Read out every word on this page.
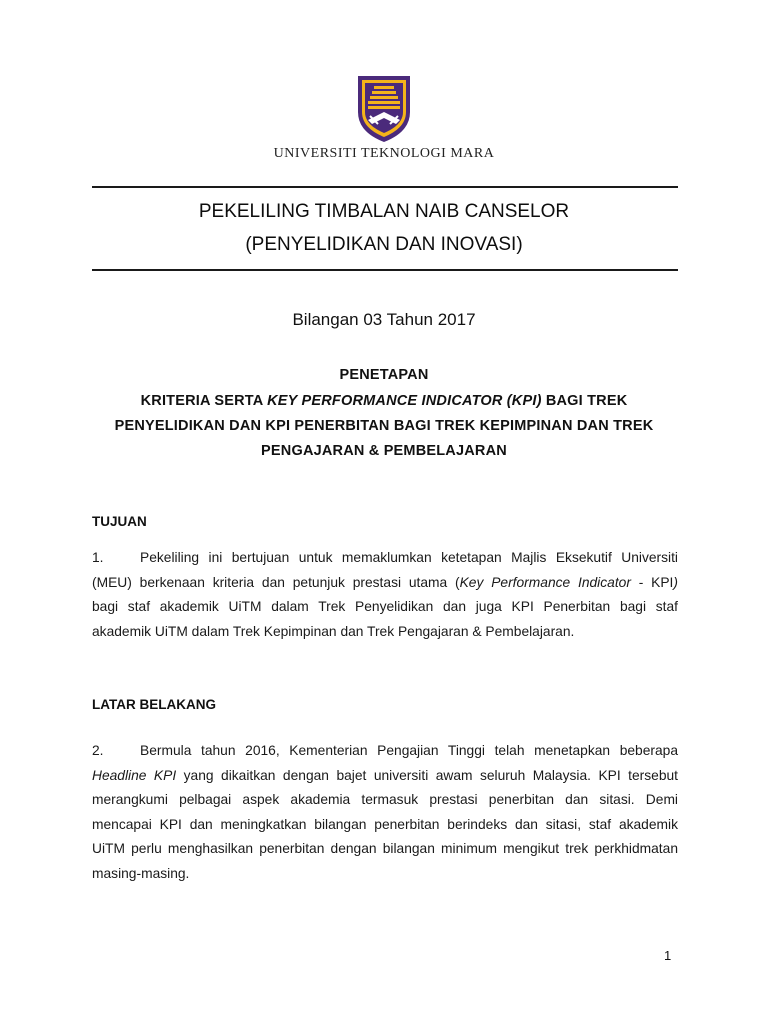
UNIVERSITI TEKNOLOGI MARA
PEKELILING TIMBALAN NAIB CANSELOR
(PENYELIDIKAN DAN INOVASI)
Bilangan 03 Tahun 2017
PENETAPAN
KRITERIA SERTA KEY PERFORMANCE INDICATOR (KPI) BAGI TREK
PENYELIDIKAN DAN KPI PENERBITAN BAGI TREK KEPIMPINAN DAN TREK
PENGAJARAN & PEMBELAJARAN
TUJUAN
1.	Pekeliling ini bertujuan untuk memaklumkan ketetapan Majlis Eksekutif Universiti
(MEU) berkenaan kriteria dan petunjuk prestasi utama (Key Performance Indicator - KPI)
bagi staf akademik UiTM dalam Trek Penyelidikan dan juga KPI Penerbitan bagi staf
akademik UiTM dalam Trek Kepimpinan dan Trek Pengajaran & Pembelajaran.
LATAR BELAKANG
2.	Bermula tahun 2016, Kementerian Pengajian Tinggi telah menetapkan beberapa
Headline KPI yang dikaitkan dengan bajet universiti awam seluruh Malaysia. KPI tersebut
merangkumi pelbagai aspek akademia termasuk prestasi penerbitan dan sitasi. Demi
mencapai KPI dan meningkatkan bilangan penerbitan berindeks dan sitasi, staf akademik
UiTM perlu menghasilkan penerbitan dengan bilangan minimum mengikut trek perkhidmatan
masing-masing.
1
